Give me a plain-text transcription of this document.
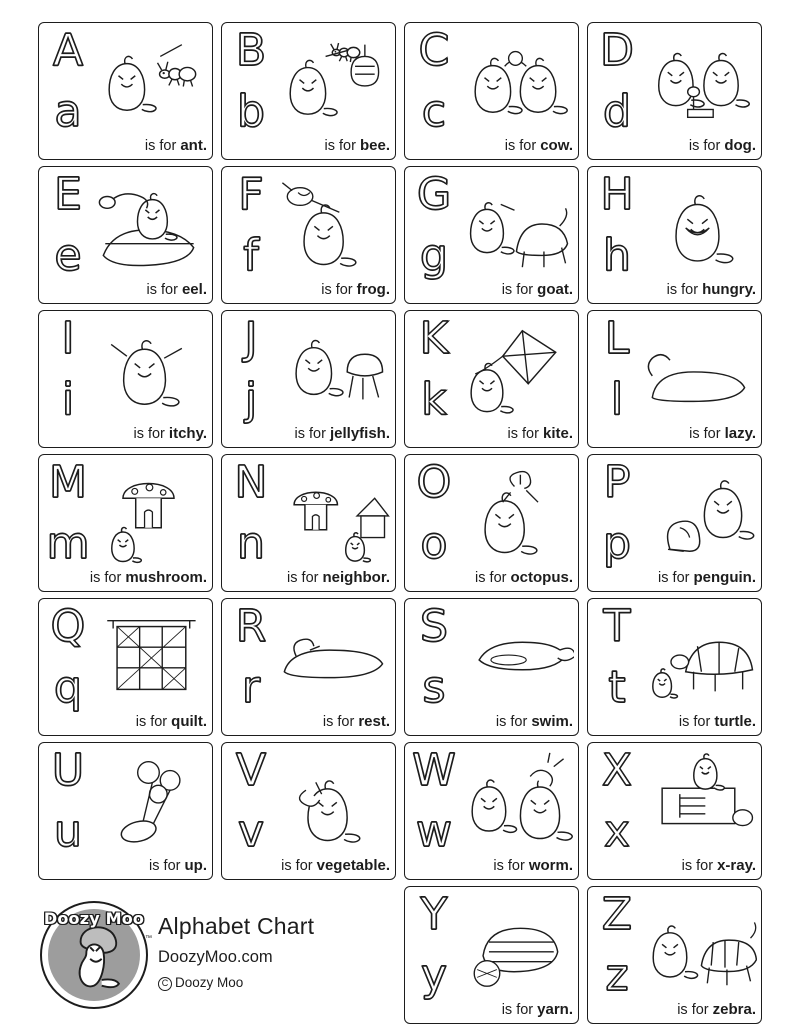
A
a
is for ant.
B
b
is for bee.
C
c
is for cow.
D
d
is for dog.
E
e
is for eel.
F
f
is for frog.
G
g
is for goat.
H
h
is for hungry.
I
i
is for itchy.
J
j
is for jellyfish.
K
k
is for kite.
L
l
is for lazy.
M
m
is for mushroom.
N
n
is for neighbor.
O
o
is for octopus.
P
p
is for penguin.
Q
q
is for quilt.
R
r
is for rest.
S
s
is for swim.
T
t
is for turtle.
U
u
is for up.
V
v
is for vegetable.
W
w
is for worm.
X
x
is for x-ray.
Doozy Moo
™ Alphabet Chart
DoozyMoo.com
C Doozy Moo
Y
y
is for yarn.
Z
z
is for zebra.
